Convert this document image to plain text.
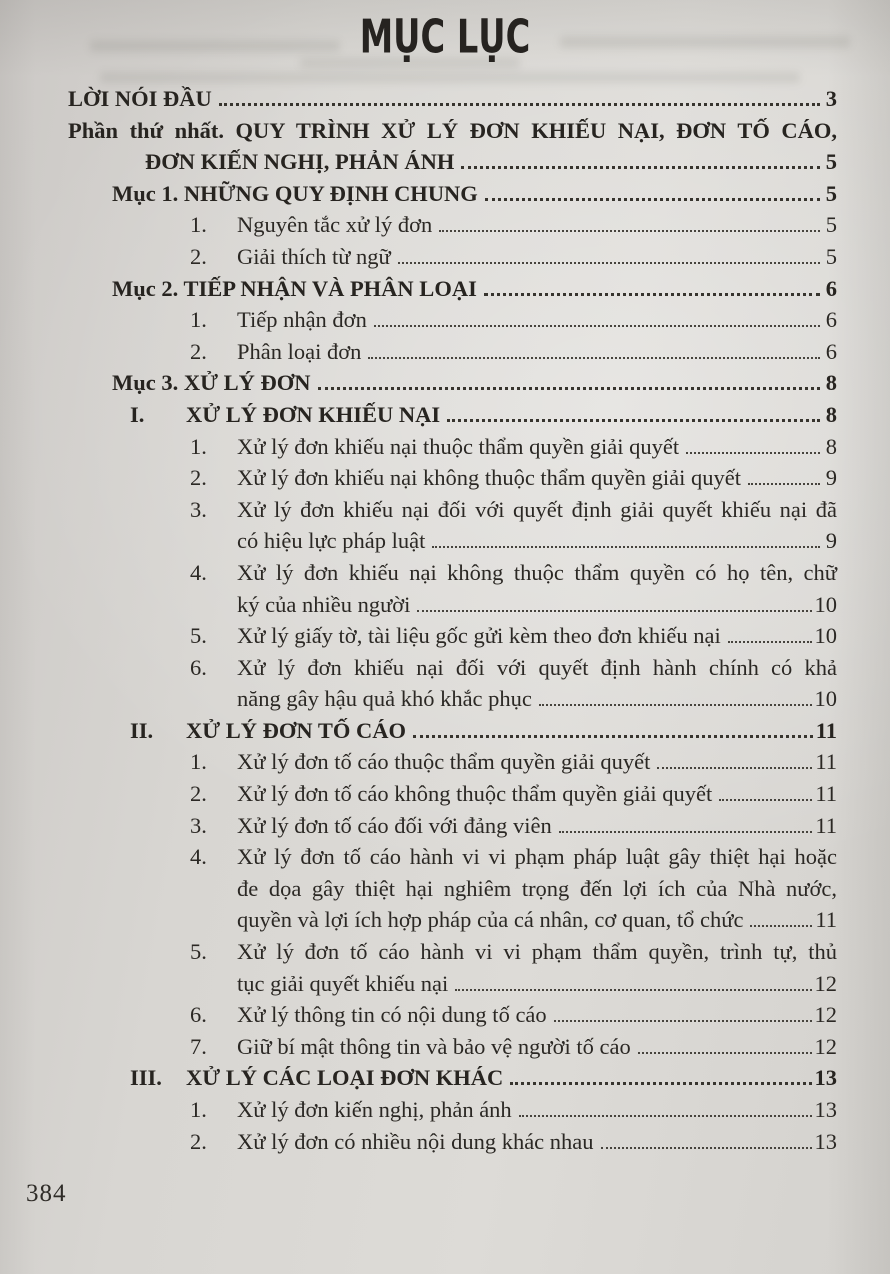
MỤC LỤC
LỜI NÓI ĐẦU	3
Phần thứ nhất. QUY TRÌNH XỬ LÝ ĐƠN KHIẾU NẠI, ĐƠN TỐ CÁO,
ĐƠN KIẾN NGHỊ, PHẢN ÁNH	5
Mục 1. NHỮNG QUY ĐỊNH CHUNG	5
1.	Nguyên tắc xử lý đơn	5
2.	Giải thích từ ngữ	5
Mục 2. TIẾP NHẬN VÀ PHÂN LOẠI	6
1.	Tiếp nhận đơn	6
2.	Phân loại đơn	6
Mục 3. XỬ LÝ ĐƠN	8
I.	XỬ LÝ ĐƠN KHIẾU NẠI	8
1.	Xử lý đơn khiếu nại thuộc thẩm quyền giải quyết	8
2.	Xử lý đơn khiếu nại không thuộc thẩm quyền giải quyết	9
3.	Xử lý đơn khiếu nại đối với quyết định giải quyết khiếu nại đã
có hiệu lực pháp luật	9
4.	Xử lý đơn khiếu nại không thuộc thẩm quyền có họ tên, chữ
ký của nhiều người	10
5.	Xử lý giấy tờ, tài liệu gốc gửi kèm theo đơn khiếu nại	10
6.	Xử lý đơn khiếu nại đối với quyết định hành chính có khả
năng gây hậu quả khó khắc phục	10
II.	XỬ LÝ ĐƠN TỐ CÁO	11
1.	Xử lý đơn tố cáo thuộc thẩm quyền giải quyết	11
2.	Xử lý đơn tố cáo không thuộc thẩm quyền giải quyết	11
3.	Xử lý đơn tố cáo đối với đảng viên	11
4.	Xử lý đơn tố cáo hành vi vi phạm pháp luật gây thiệt hại hoặc
đe dọa gây thiệt hại nghiêm trọng đến lợi ích của Nhà nước,
quyền và lợi ích hợp pháp của cá nhân, cơ quan, tổ chức	11
5.	Xử lý đơn tố cáo hành vi vi phạm thẩm quyền, trình tự, thủ
tục giải quyết khiếu nại	12
6.	Xử lý thông tin có nội dung tố cáo	12
7.	Giữ bí mật thông tin và bảo vệ người tố cáo	12
III.	XỬ LÝ CÁC LOẠI ĐƠN KHÁC	13
1.	Xử lý đơn kiến nghị, phản ánh	13
2.	Xử lý đơn có nhiều nội dung khác nhau	13
384
